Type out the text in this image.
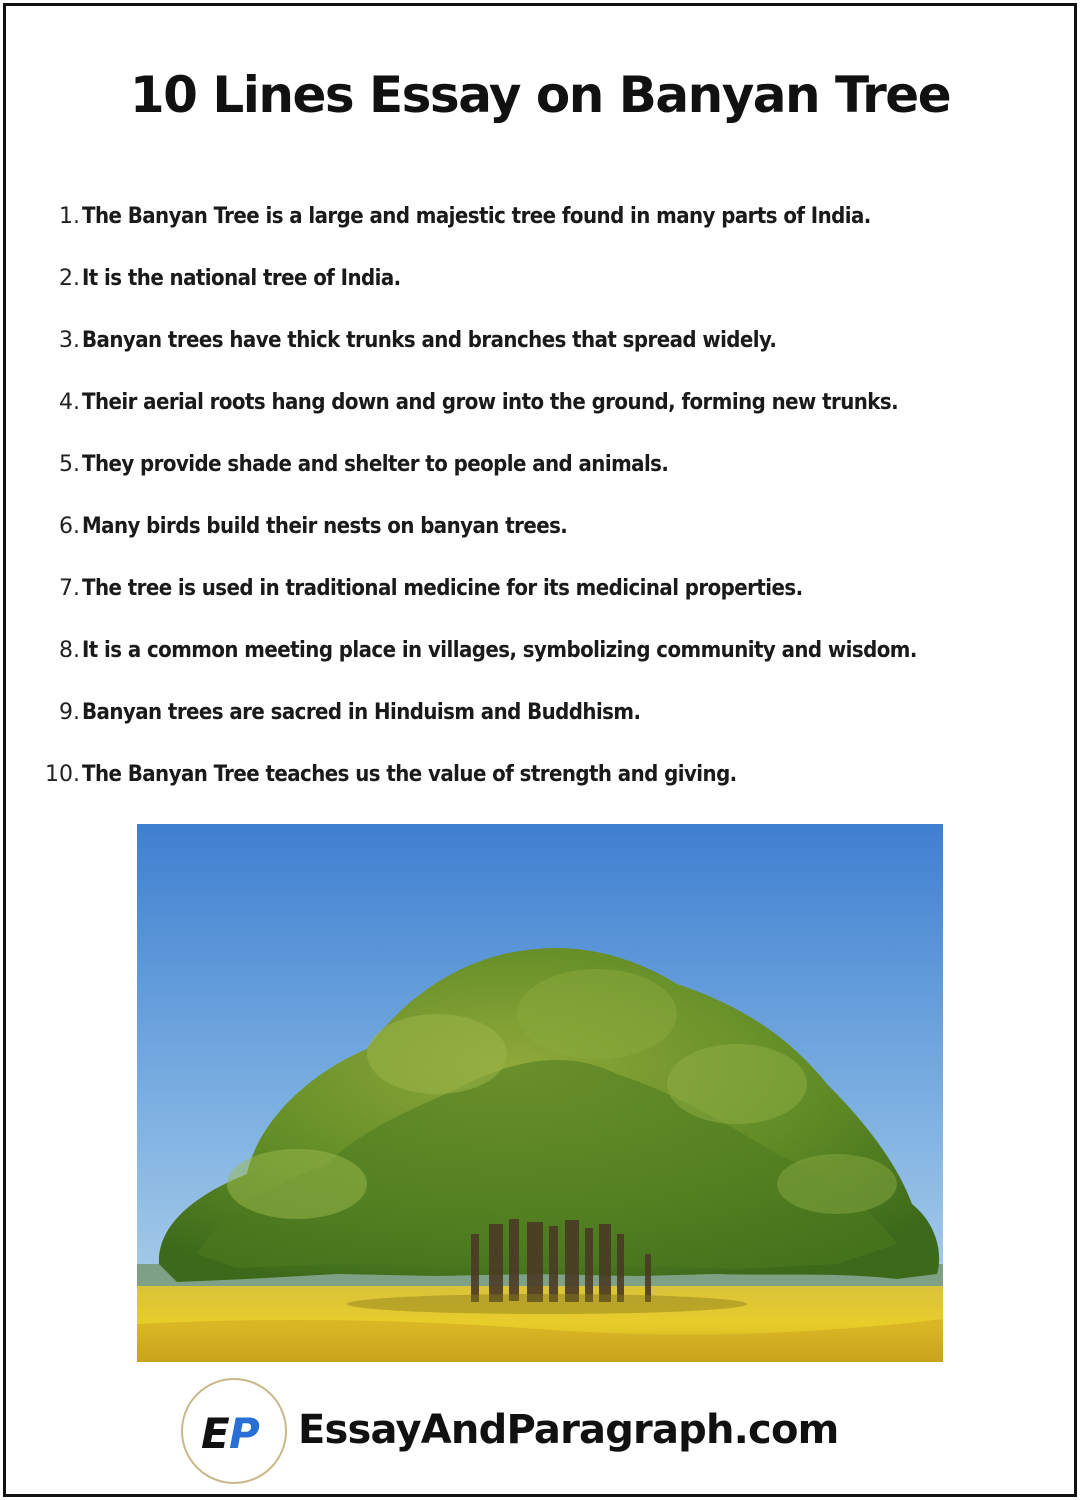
10 Lines Essay on Banyan Tree
1. The Banyan Tree is a large and majestic tree found in many parts of India.
2. It is the national tree of India.
3. Banyan trees have thick trunks and branches that spread widely.
4. Their aerial roots hang down and grow into the ground, forming new trunks.
5. They provide shade and shelter to people and animals.
6. Many birds build their nests on banyan trees.
7. The tree is used in traditional medicine for its medicinal properties.
8. It is a common meeting place in villages, symbolizing community and wisdom.
9. Banyan trees are sacred in Hinduism and Buddhism.
10. The Banyan Tree teaches us the value of strength and giving.
E P EssayAndParagraph.com
